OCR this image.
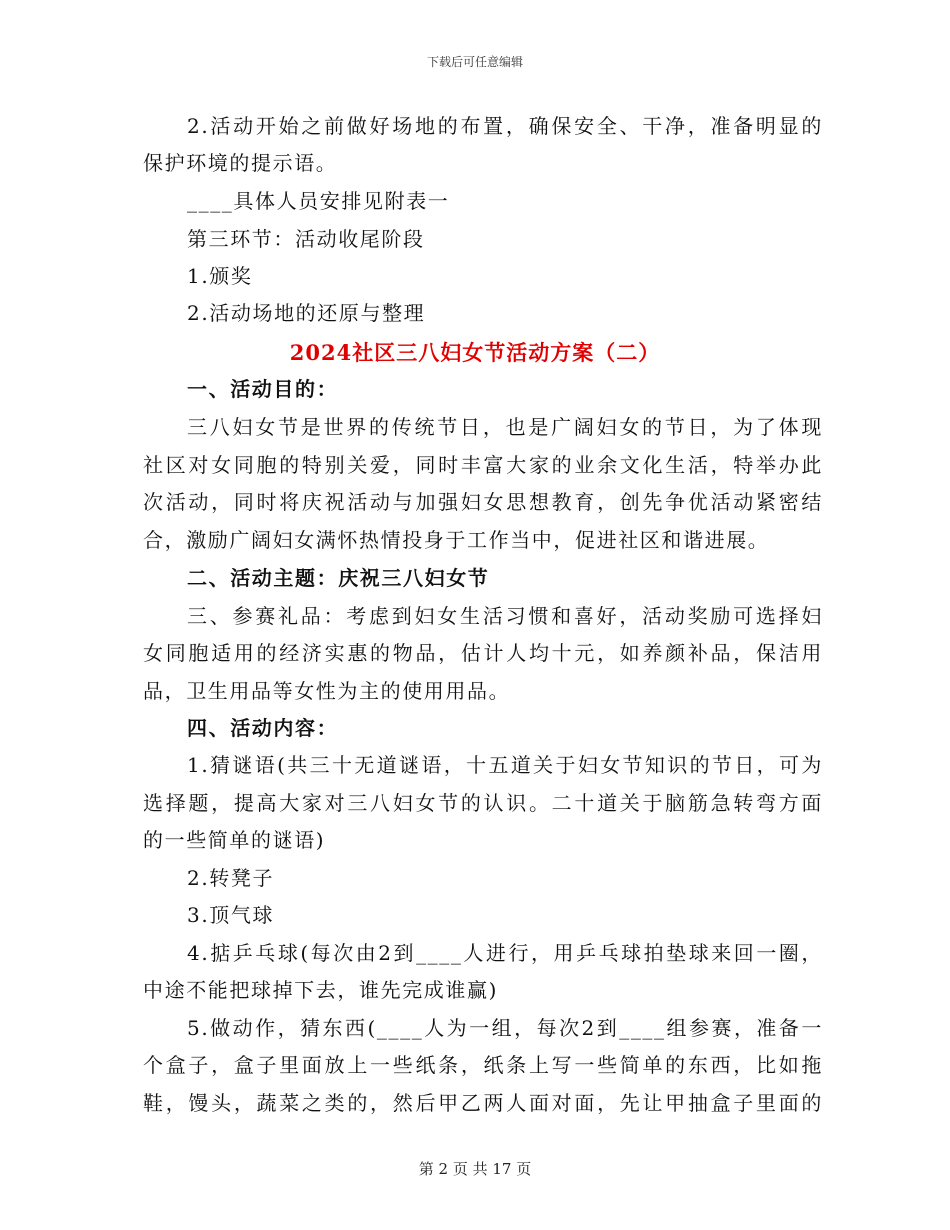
下载后可任意编辑
2024社区三八妇女节活动方案（二）
2.活动开始之前做好场地的布置，确保安全、干净，准备明显的
保护环境的提示语。
____具体人员安排见附表一
第三环节：活动收尾阶段
1.颁奖
2.活动场地的还原与整理
一、活动目的：
三八妇女节是世界的传统节日，也是广阔妇女的节日，为了体现
社区对女同胞的特别关爱，同时丰富大家的业余文化生活，特举办此
次活动，同时将庆祝活动与加强妇女思想教育，创先争优活动紧密结
合，激励广阔妇女满怀热情投身于工作当中，促进社区和谐进展。
二、活动主题：庆祝三八妇女节
三、参赛礼品：考虑到妇女生活习惯和喜好，活动奖励可选择妇
女同胞适用的经济实惠的物品，估计人均十元，如养颜补品，保洁用
品，卫生用品等女性为主的使用用品。
四、活动内容：
1.猜谜语(共三十无道谜语，十五道关于妇女节知识的节日，可为
选择题，提高大家对三八妇女节的认识。二十道关于脑筋急转弯方面
的一些简单的谜语)
2.转凳子
3.顶气球
4.掂乒乓球(每次由2到____人进行，用乒乓球拍垫球来回一圈，
中途不能把球掉下去，谁先完成谁赢)
5.做动作，猜东西(____人为一组，每次2到____组参赛，准备一
个盒子，盒子里面放上一些纸条，纸条上写一些简单的东西，比如拖
鞋，馒头，蔬菜之类的，然后甲乙两人面对面，先让甲抽盒子里面的
第 2 页 共 17 页
